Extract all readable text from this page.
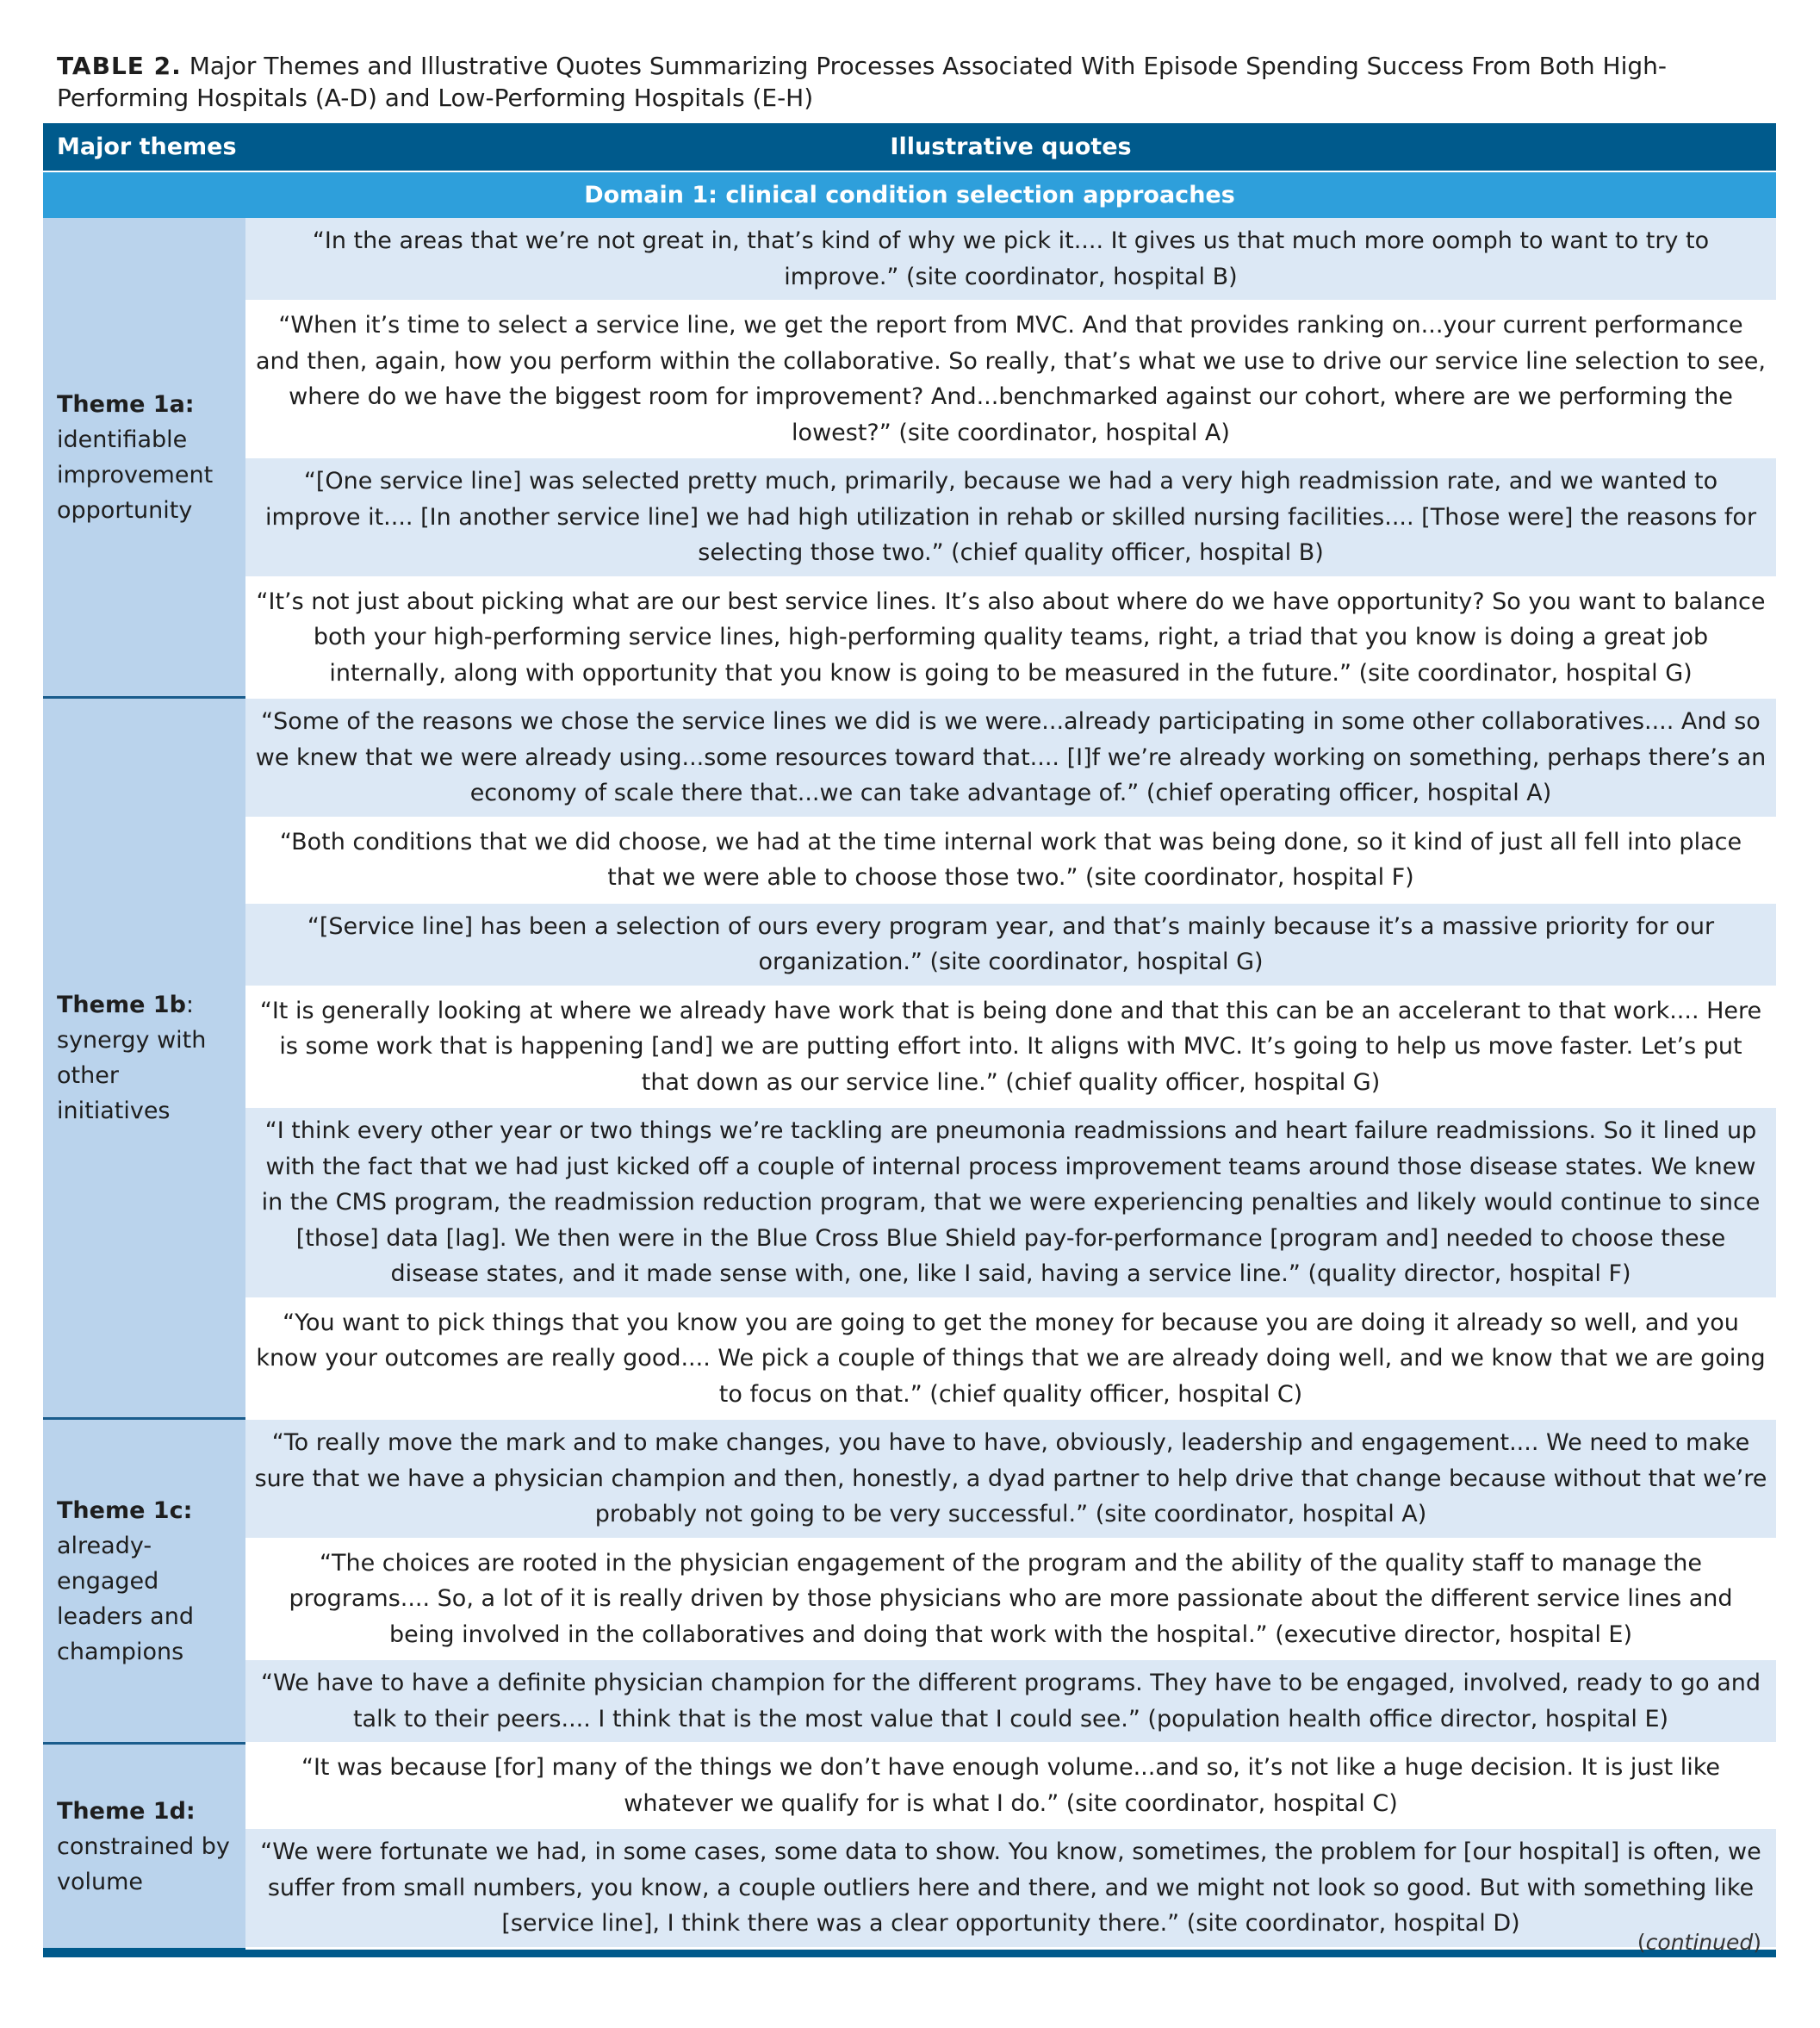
TABLE 2. Major Themes and Illustrative Quotes Summarizing Processes Associated With Episode Spending Success From Both High-Performing Hospitals (A-D) and Low-Performing Hospitals (E-H)
Major themes	Illustrative quotes
Domain 1: clinical condition selection approaches	

Theme 1a:
identifiable improvement opportunity	“In the areas that we’re not great in, that’s kind of why we pick it.... It gives us that much more oomph to want to try to improve.” (site coordinator, hospital B)
	“When it’s time to select a service line, we get the report from MVC. And that provides ranking on...your current performance and then, again, how you perform within the collaborative. So really, that’s what we use to drive our service line selection to see, where do we have the biggest room for improvement? And...benchmarked against our cohort, where are we performing the lowest?” (site coordinator, hospital A)
	“[One service line] was selected pretty much, primarily, because we had a very high readmission rate, and we wanted to improve it.... [In another service line] we had high utilization in rehab or skilled nursing facilities.... [Those were] the reasons for selecting those two.” (chief quality officer, hospital B)
	“It’s not just about picking what are our best service lines. It’s also about where do we have opportunity? So you want to balance both your high-performing service lines, high-performing quality teams, right, a triad that you know is doing a great job internally, along with opportunity that you know is going to be measured in the future.” (site coordinator, hospital G)

Theme 1b:
synergy with other initiatives	“Some of the reasons we chose the service lines we did is we were...already participating in some other collaboratives.... And so we knew that we were already using...some resources toward that.... [I]f we’re already working on something, perhaps there’s an economy of scale there that...we can take advantage of.” (chief operating officer, hospital A)
	“Both conditions that we did choose, we had at the time internal work that was being done, so it kind of just all fell into place that we were able to choose those two.” (site coordinator, hospital F)
	“[Service line] has been a selection of ours every program year, and that’s mainly because it’s a massive priority for our organization.” (site coordinator, hospital G)
	“It is generally looking at where we already have work that is being done and that this can be an accelerant to that work.... Here is some work that is happening [and] we are putting effort into. It aligns with MVC. It’s going to help us move faster. Let’s put that down as our service line.” (chief quality officer, hospital G)
	“I think every other year or two things we’re tackling are pneumonia readmissions and heart failure readmissions. So it lined up with the fact that we had just kicked off a couple of internal process improvement teams around those disease states. We knew in the CMS program, the readmission reduction program, that we were experiencing penalties and likely would continue to since [those] data [lag]. We then were in the Blue Cross Blue Shield pay-for-performance [program and] needed to choose these disease states, and it made sense with, one, like I said, having a service line.” (quality director, hospital F)
	“You want to pick things that you know you are going to get the money for because you are doing it already so well, and you know your outcomes are really good.... We pick a couple of things that we are already doing well, and we know that we are going to focus on that.” (chief quality officer, hospital C)

Theme 1c:
already-engaged leaders and champions	“To really move the mark and to make changes, you have to have, obviously, leadership and engagement.... We need to make sure that we have a physician champion and then, honestly, a dyad partner to help drive that change because without that we’re probably not going to be very successful.” (site coordinator, hospital A)
	“The choices are rooted in the physician engagement of the program and the ability of the quality staff to manage the programs.... So, a lot of it is really driven by those physicians who are more passionate about the different service lines and being involved in the collaboratives and doing that work with the hospital.” (executive director, hospital E)
	“We have to have a definite physician champion for the different programs. They have to be engaged, involved, ready to go and talk to their peers.... I think that is the most value that I could see.” (population health office director, hospital E)

Theme 1d:
constrained by volume	“It was because [for] many of the things we don’t have enough volume...and so, it’s not like a huge decision. It is just like whatever we qualify for is what I do.” (site coordinator, hospital C)
	“We were fortunate we had, in some cases, some data to show. You know, sometimes, the problem for [our hospital] is often, we suffer from small numbers, you know, a couple outliers here and there, and we might not look so good. But with something like [service line], I think there was a clear opportunity there.” (site coordinator, hospital D)

(continued)
